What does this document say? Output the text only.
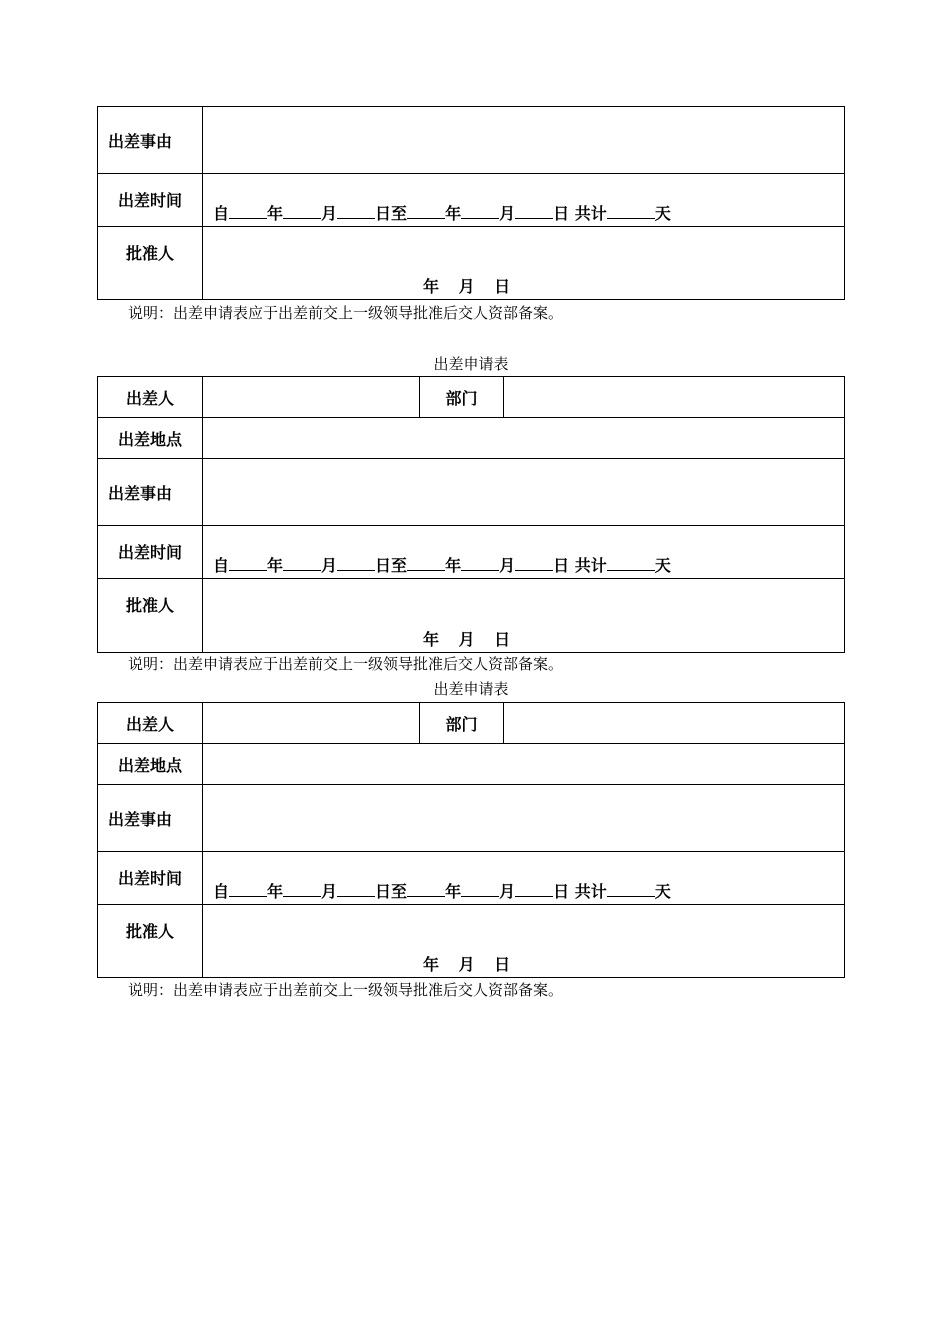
出差事由	
出差时间	自 年 月 日至 年 月 日 共计 天
批准人	年 月 日
说明：出差申请表应于出差前交上一级领导批准后交人资部备案。
出差申请表
出差人		部门	
出差地点			
出差事由			
出差时间	自 年 月 日至 年 月 日 共计 天		
批准人	年 月 日		
说明：出差申请表应于出差前交上一级领导批准后交人资部备案。
出差申请表
出差人		部门	
出差地点			
出差事由			
出差时间	自 年 月 日至 年 月 日 共计 天		
批准人	年 月 日		
说明：出差申请表应于出差前交上一级领导批准后交人资部备案。
